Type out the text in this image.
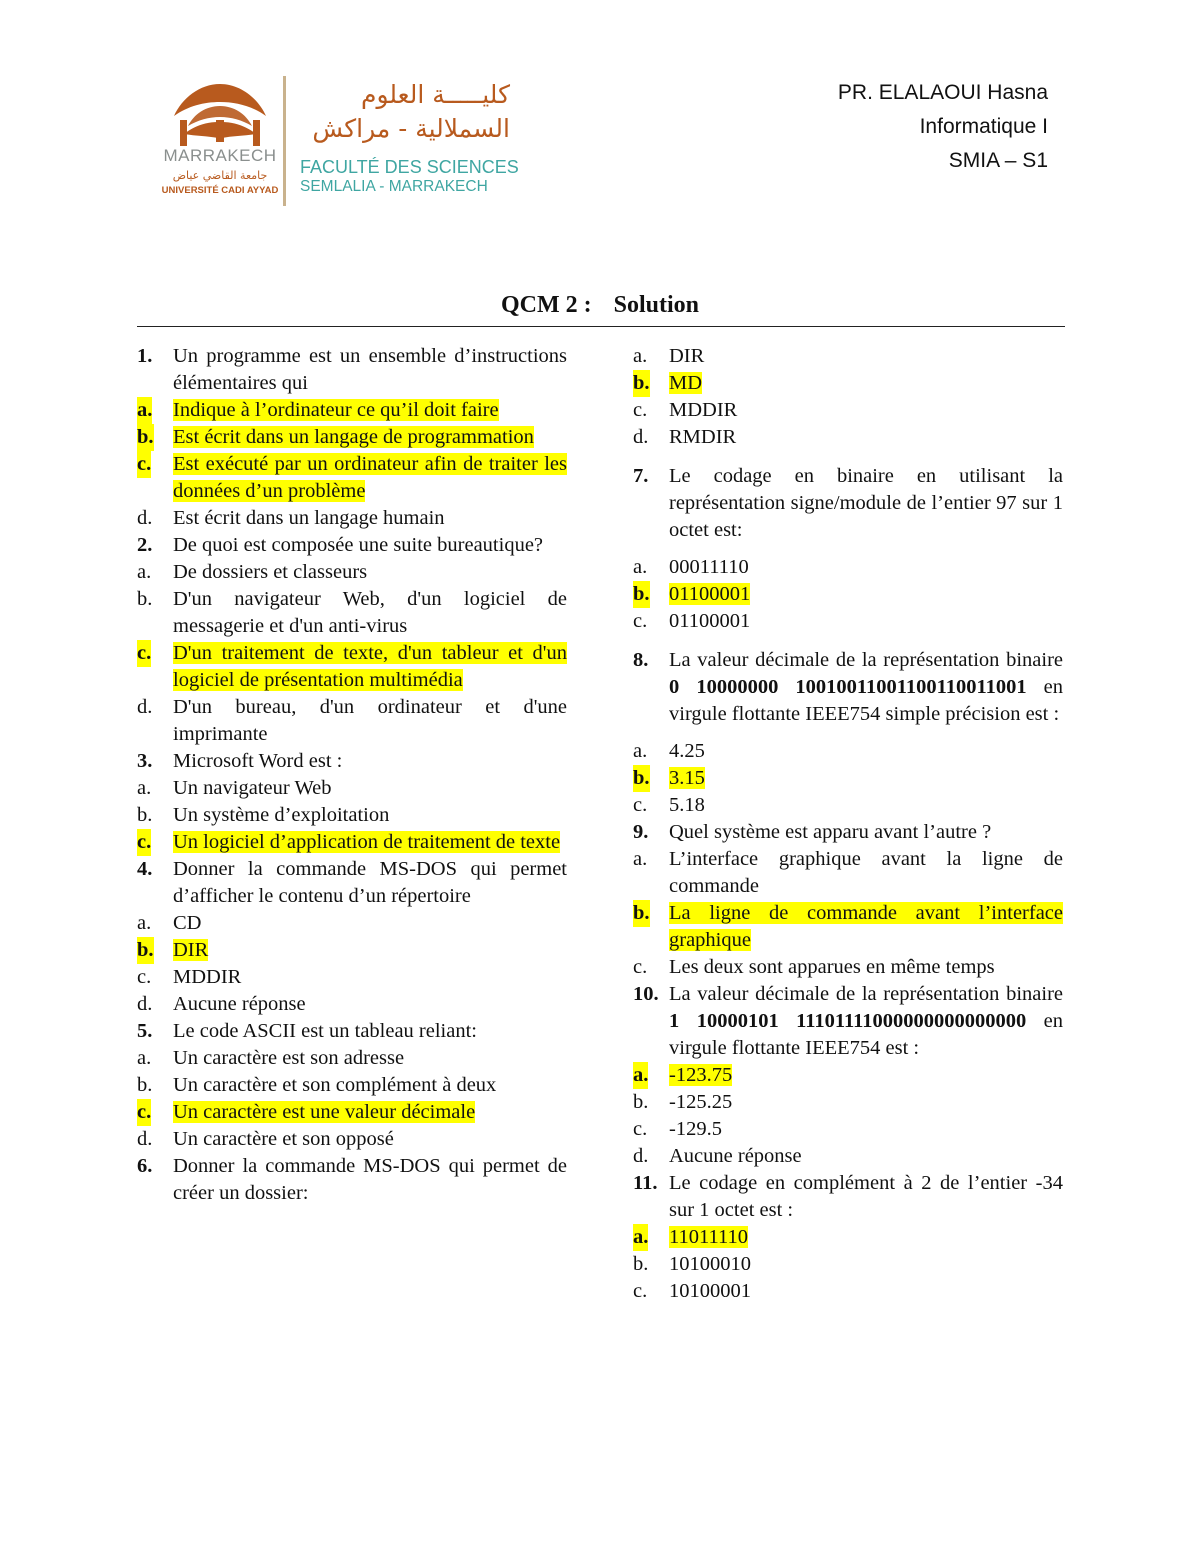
MARRAKECH
جامعة القاضي عياض
UNIVERSITÉ CADI AYYAD
كليـــــة العلوم
السملالية - مراكش
FACULTÉ DES SCIENCES
SEMLALIA - MARRAKECH
PR. ELALAOUI Hasna
Informatique I
SMIA – S1
QCM 2 : Solution
1. Un programme est un ensemble d’instructions élémentaires qui
a. Indique à l’ordinateur ce qu’il doit faire
b. Est écrit dans un langage de programmation
c. Est exécuté par un ordinateur afin de traiter les données d’un problème
d. Est écrit dans un langage humain
2. De quoi est composée une suite bureautique?
a. De dossiers et classeurs
b. D'un navigateur Web, d'un logiciel de messagerie et d'un anti-virus
c. D'un traitement de texte, d'un tableur et d'un logiciel de présentation multimédia
d. D'un bureau, d'un ordinateur et d'une imprimante
3. Microsoft Word est :
a. Un navigateur Web
b. Un système d’exploitation
c. Un logiciel d’application de traitement de texte
4. Donner la commande MS-DOS qui permet d’afficher le contenu d’un répertoire
a. CD
b. DIR
c. MDDIR
d. Aucune réponse
5. Le code ASCII est un tableau reliant:
a. Un caractère est son adresse
b. Un caractère et son complément à deux
c. Un caractère est une valeur décimale
d. Un caractère et son opposé
6. Donner la commande MS-DOS qui permet de créer un dossier:
a. DIR
b. MD
c. MDDIR
d. RMDIR
7. Le codage en binaire en utilisant la représentation signe/module de l’entier 97 sur 1 octet est:
a. 00011110
b. 01100001
c. 01100001
8. La valeur décimale de la représentation binaire 0 10000000 10010011001100110011001 en virgule flottante IEEE754 simple précision est :
a. 4.25
b. 3.15
c. 5.18
9. Quel système est apparu avant l’autre ?
a. L’interface graphique avant la ligne de commande
b. La ligne de commande avant l’interface graphique
c. Les deux sont apparues en même temps
10. La valeur décimale de la représentation binaire 1 10000101 11101111000000000000000 en virgule flottante IEEE754 est :
a. -123.75
b. -125.25
c. -129.5
d. Aucune réponse
11. Le codage en complément à 2 de l’entier -34 sur 1 octet est :
a. 11011110
b. 10100010
c. 10100001
